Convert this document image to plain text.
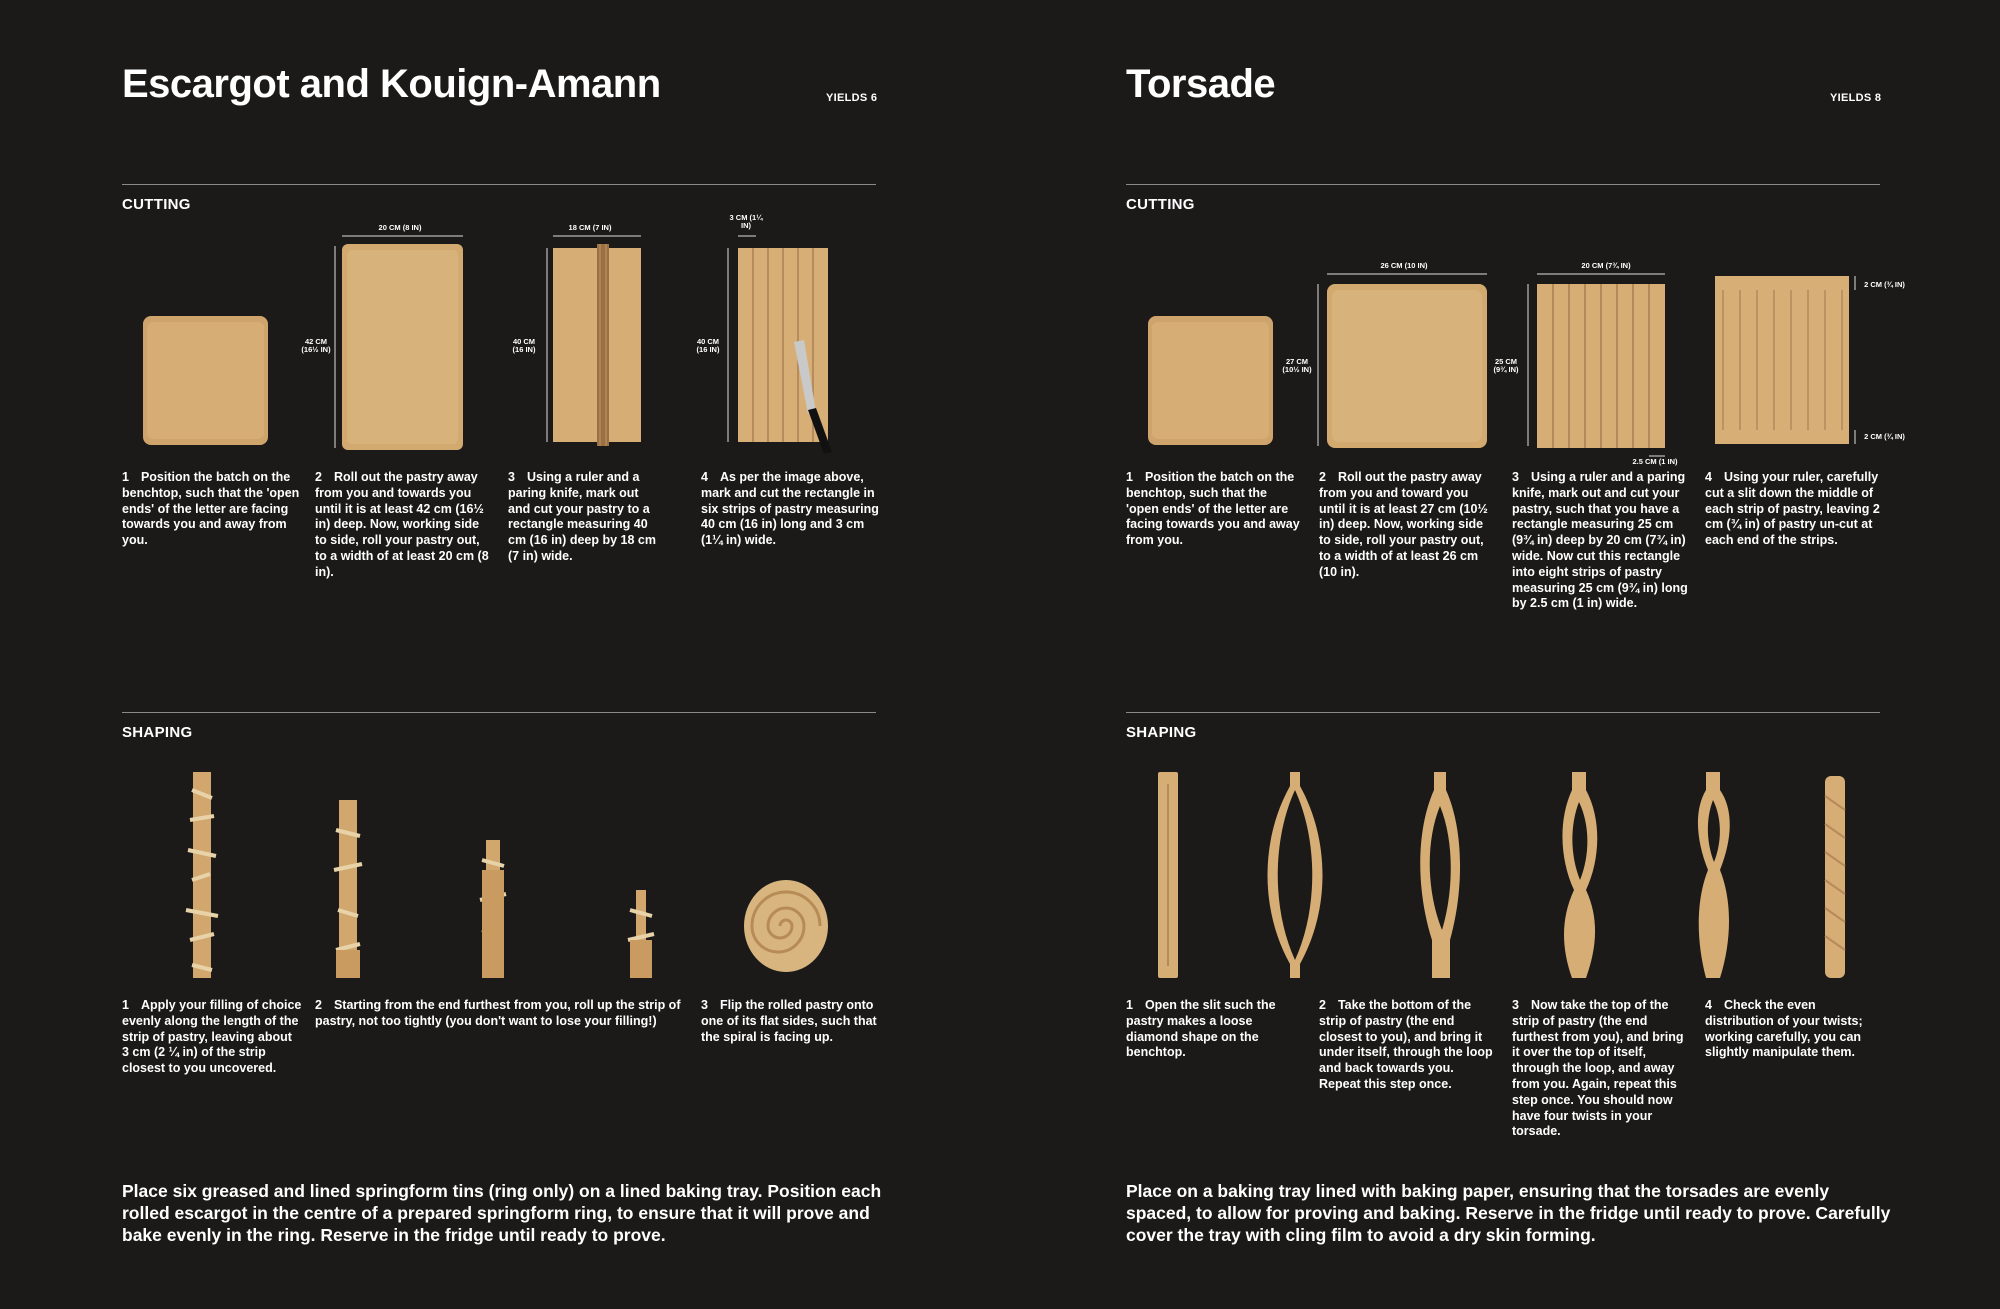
Escargot and Kouign-Amann	YIELDS 6
CUTTING
20 CM (8 IN)
42 CM (16½ IN)
18 CM (7 IN)
40 CM (16 IN)
3 CM (1¼ IN)
40 CM (16 IN)
1 Position the batch on the benchtop, such that the 'open ends' of the letter are facing towards you and away from you.
2 Roll out the pastry away from you and towards you until it is at least 42 cm (16½ in) deep. Now, working side to side, roll your pastry out, to a width of at least 20 cm (8 in).
3 Using a ruler and a paring knife, mark out and cut your pastry to a rectangle measuring 40 cm (16 in) deep by 18 cm (7 in) wide.
4 As per the image above, mark and cut the rectangle in six strips of pastry measuring 40 cm (16 in) long and 3 cm (1¼ in) wide.
SHAPING
1 Apply your filling of choice evenly along the length of the strip of pastry, leaving about 3 cm (2 ¼ in) of the strip closest to you uncovered.
2 Starting from the end furthest from you, roll up the strip of pastry, not too tightly (you don't want to lose your filling!)
3 Flip the rolled pastry onto one of its flat sides, such that the spiral is facing up.
Place six greased and lined springform tins (ring only) on a lined baking tray. Position each rolled escargot in the centre of a prepared springform ring, to ensure that it will prove and bake evenly in the ring. Reserve in the fridge until ready to prove.
Torsade	YIELDS 8
CUTTING
26 CM (10 IN)
27 CM (10½ IN)
20 CM (7¾ IN)
25 CM (9¾ IN)
2.5 CM (1 IN)
2 CM (¾ IN)
2 CM (¾ IN)
1 Position the batch on the benchtop, such that the 'open ends' of the letter are facing towards you and away from you.
2 Roll out the pastry away from you and toward you until it is at least 27 cm (10½ in) deep. Now, working side to side, roll your pastry out, to a width of at least 26 cm (10 in).
3 Using a ruler and a paring knife, mark out and cut your pastry, such that you have a rectangle measuring 25 cm (9¾ in) deep by 20 cm (7¾ in) wide. Now cut this rectangle into eight strips of pastry measuring 25 cm (9¾ in) long by 2.5 cm (1 in) wide.
4 Using your ruler, carefully cut a slit down the middle of each strip of pastry, leaving 2 cm (¾ in) of pastry un-cut at each end of the strips.
SHAPING
1 Open the slit such the pastry makes a loose diamond shape on the benchtop.
2 Take the bottom of the strip of pastry (the end closest to you), and bring it under itself, through the loop and back towards you. Repeat this step once.
3 Now take the top of the strip of pastry (the end furthest from you), and bring it over the top of itself, through the loop, and away from you. Again, repeat this step once. You should now have four twists in your torsade.
4 Check the even distribution of your twists; working carefully, you can slightly manipulate them.
Place on a baking tray lined with baking paper, ensuring that the torsades are evenly spaced, to allow for proving and baking. Reserve in the fridge until ready to prove. Carefully cover the tray with cling film to avoid a dry skin forming.
